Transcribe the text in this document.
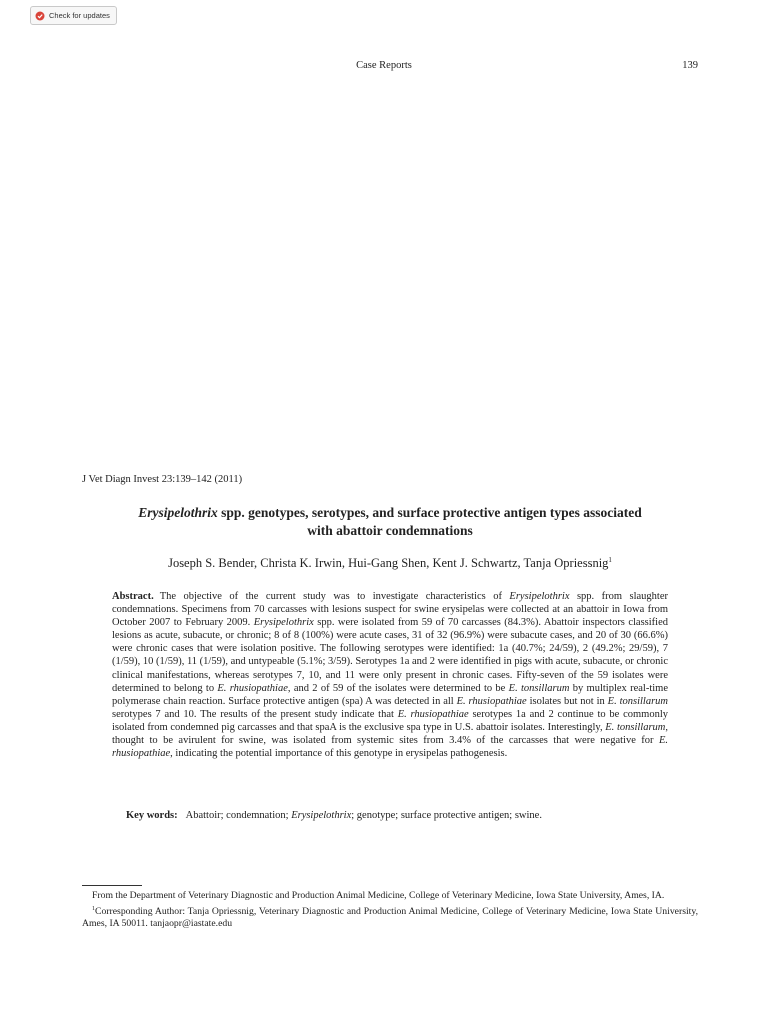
Check for updates
Case Reports	139
J Vet Diagn Invest 23:139–142 (2011)
Erysipelothrix spp. genotypes, serotypes, and surface protective antigen types associated
with abattoir condemnations
Joseph S. Bender, Christa K. Irwin, Hui-Gang Shen, Kent J. Schwartz, Tanja Opriessnig$^1$

Abstract. The objective of the current study was to investigate characteristics of Erysipelothrix spp. from slaughter condemnations. Specimens from 70 carcasses with lesions suspect for swine erysipelas were collected at an abattoir in Iowa from October 2007 to February 2009. Erysipelothrix spp. were isolated from 59 of 70 carcasses (84.3%). Abattoir inspectors classified lesions as acute, subacute, or chronic; 8 of 8 (100%) were acute cases, 31 of 32 (96.9%) were subacute cases, and 20 of 30 (66.6%) were chronic cases that were isolation positive. The following serotypes were identified: 1a (40.7%; 24/59), 2 (49.2%; 29/59), 7 (1/59), 10 (1/59), 11 (1/59), and untypeable (5.1%; 3/59). Serotypes 1a and 2 were identified in pigs with acute, subacute, or chronic clinical manifestations, whereas serotypes 7, 10, and 11 were only present in chronic cases. Fifty-seven of the 59 isolates were determined to belong to E. rhusiopathiae, and 2 of 59 of the isolates were determined to be E. tonsillarum by multiplex real-time polymerase chain reaction. Surface protective antigen (spa) A was detected in all E. rhusiopathiae isolates but not in E. tonsillarum serotypes 7 and 10. The results of the present study indicate that E. rhusiopathiae serotypes 1a and 2 continue to be commonly isolated from condemned pig carcasses and that spaA is the exclusive spa type in U.S. abattoir isolates. Interestingly, E. tonsillarum, thought to be avirulent for swine, was isolated from systemic sites from 3.4% of the carcasses that were negative for E. rhusiopathiae, indicating the potential importance of this genotype in erysipelas pathogenesis.

Key words: Abattoir; condemnation; Erysipelothrix; genotype; surface protective antigen; swine.

From the Department of Veterinary Diagnostic and Production Animal Medicine, College of Veterinary Medicine, Iowa State University, Ames, IA.

$^1$Corresponding Author: Tanja Opriessnig, Veterinary Diagnostic and Production Animal Medicine, College of Veterinary Medicine, Iowa State University, Ames, IA 50011. tanjaopr@iastate.edu
